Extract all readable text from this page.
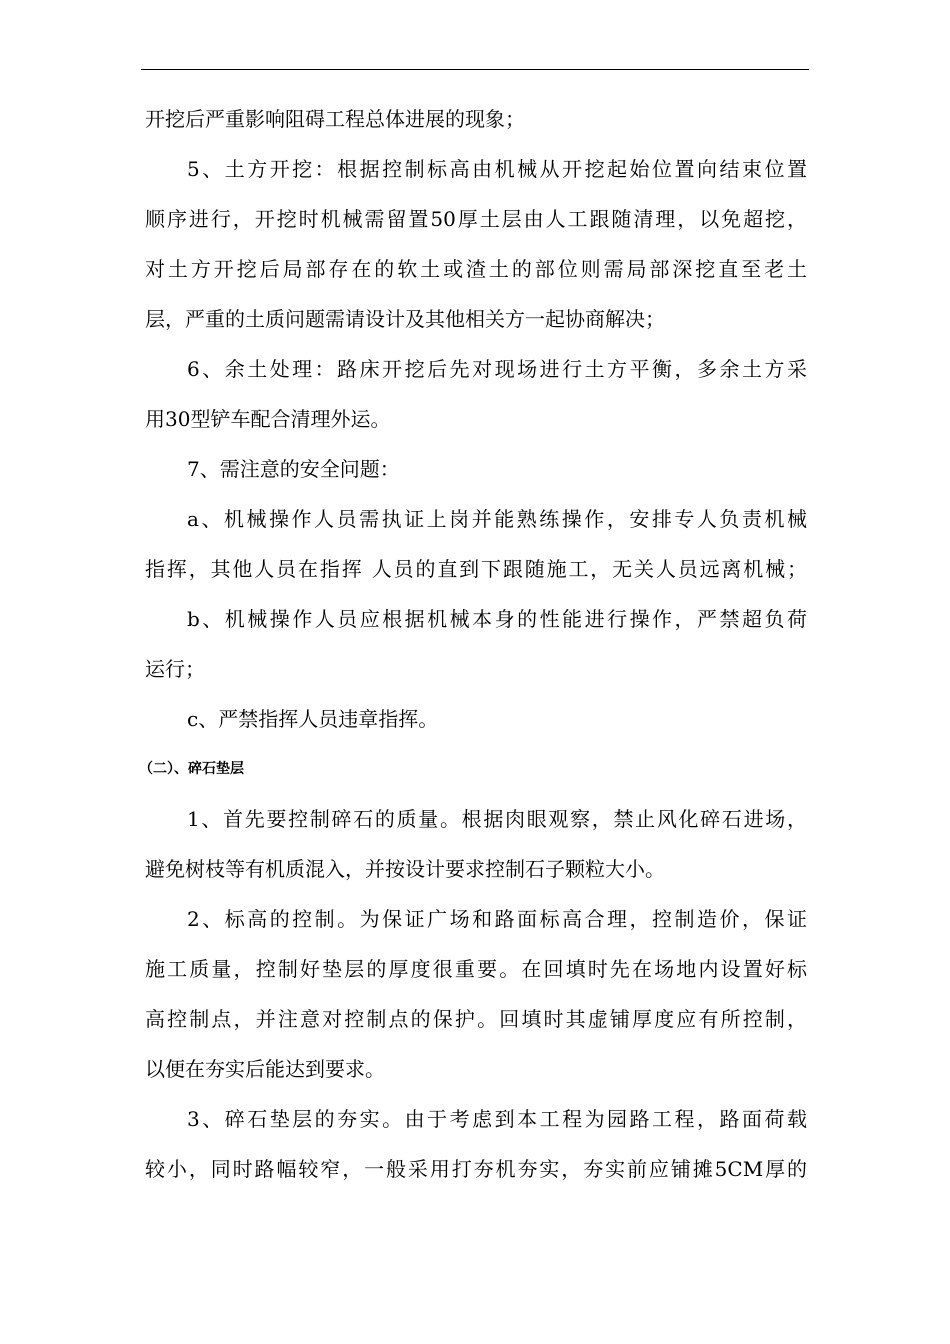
开挖后严重影响阻碍工程总体进展的现象；
5、土方开挖：根据控制标高由机械从开挖起始位置向结束位置
顺序进行，开挖时机械需留置50厚土层由人工跟随清理，以免超挖，
对土方开挖后局部存在的软土或渣土的部位则需局部深挖直至老土
层，严重的土质问题需请设计及其他相关方一起协商解决；
6、余土处理：路床开挖后先对现场进行土方平衡，多余土方采
用30型铲车配合清理外运。
7、需注意的安全问题：
a、机械操作人员需执证上岗并能熟练操作，安排专人负责机械
指挥，其他人员在指挥 人员的直到下跟随施工，无关人员远离机械；
b、机械操作人员应根据机械本身的性能进行操作，严禁超负荷
运行；
c、严禁指挥人员违章指挥。
（二）、碎石垫层
1、首先要控制碎石的质量。根据肉眼观察，禁止风化碎石进场，
避免树枝等有机质混入，并按设计要求控制石子颗粒大小。
2、标高的控制。为保证广场和路面标高合理，控制造价，保证
施工质量，控制好垫层的厚度很重要。在回填时先在场地内设置好标
高控制点，并注意对控制点的保护。回填时其虚铺厚度应有所控制，
以便在夯实后能达到要求。
3、碎石垫层的夯实。由于考虑到本工程为园路工程，路面荷载
较小，同时路幅较窄，一般采用打夯机夯实，夯实前应铺摊5CM厚的
